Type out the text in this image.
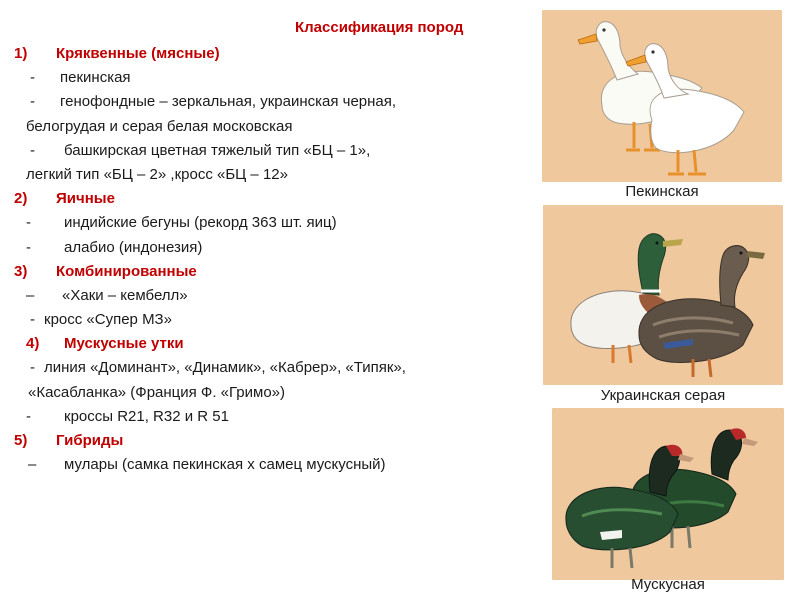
Классификация пород
1) Кряквенные (мясные)
- пекинская
- генофондные – зеркальная, украинская черная,
белогрудая и серая белая московская
- башкирская цветная тяжелый тип «БЦ – 1»,
легкий тип «БЦ – 2» ,кросс «БЦ – 12»
2) Яичные
- индийские бегуны (рекорд 363 шт. яиц)
- алабио (индонезия)
3) Комбинированные
– «Хаки – кембелл»
- кросс «Супер МЗ»
4) Мускусные утки
- линия «Доминант», «Динамик», «Кабрер», «Типяк»,
«Касабланка» (Франция Ф. «Гримо»)
- кроссы R21, R32 и R 51
5) Гибриды
– мулары (самка пекинская х самец мускусный)
Пекинская
Украинская серая
Мускусная
